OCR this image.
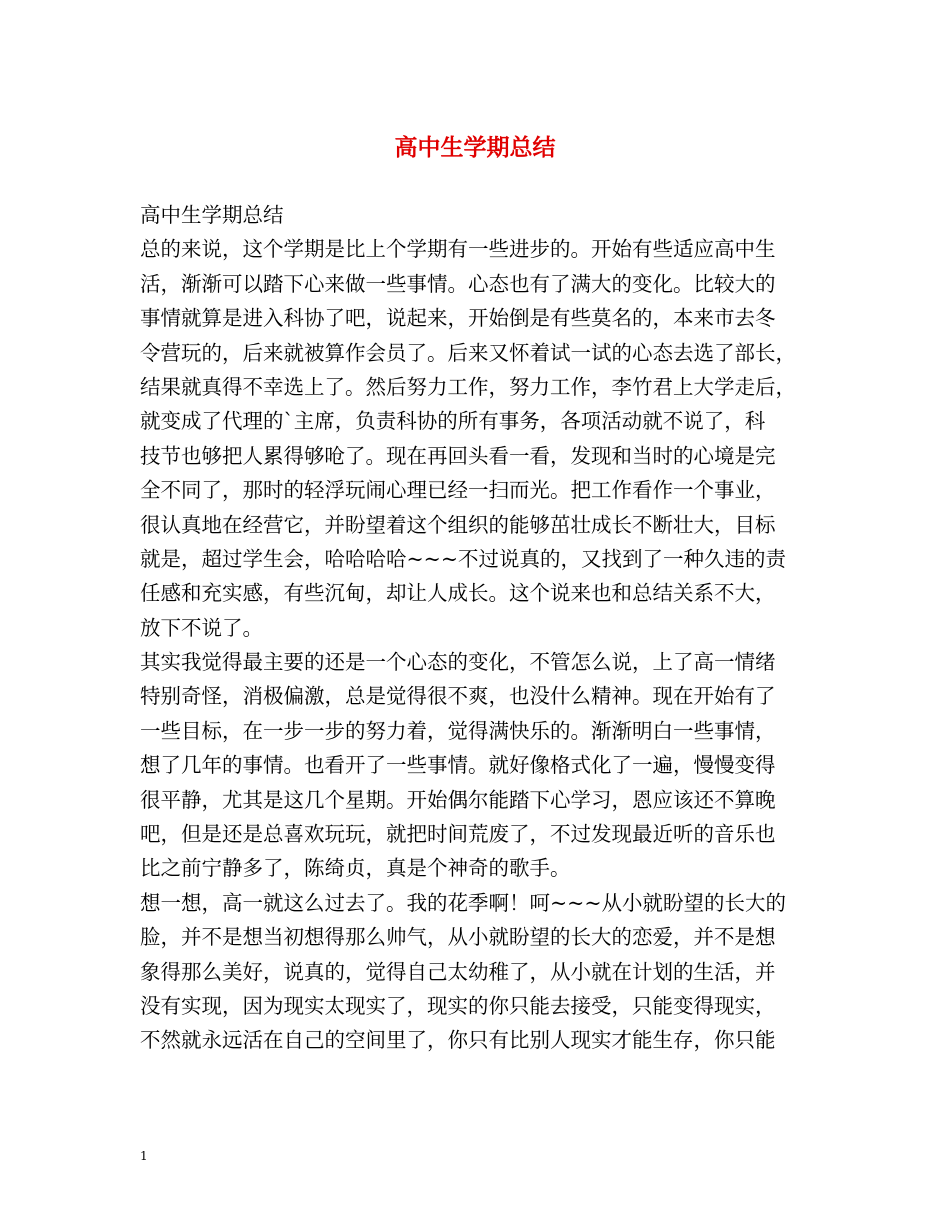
高中生学期总结
高中生学期总结
总的来说，这个学期是比上个学期有一些进步的。开始有些适应高中生
活，渐渐可以踏下心来做一些事情。心态也有了满大的变化。比较大的
事情就算是进入科协了吧，说起来，开始倒是有些莫名的，本来市去冬
令营玩的，后来就被算作会员了。后来又怀着试一试的心态去选了部长，
结果就真得不幸选上了。然后努力工作，努力工作，李竹君上大学走后，
就变成了代理的`主席，负责科协的所有事务，各项活动就不说了，科
技节也够把人累得够呛了。现在再回头看一看，发现和当时的心境是完
全不同了，那时的轻浮玩闹心理已经一扫而光。把工作看作一个事业，
很认真地在经营它，并盼望着这个组织的能够茁壮成长不断壮大，目标
就是，超过学生会，哈哈哈哈~~~不过说真的，又找到了一种久违的责
任感和充实感，有些沉甸，却让人成长。这个说来也和总结关系不大，
放下不说了。
其实我觉得最主要的还是一个心态的变化，不管怎么说，上了高一情绪
特别奇怪，消极偏激，总是觉得很不爽，也没什么精神。现在开始有了
一些目标，在一步一步的努力着，觉得满快乐的。渐渐明白一些事情，
想了几年的事情。也看开了一些事情。就好像格式化了一遍，慢慢变得
很平静，尤其是这几个星期。开始偶尔能踏下心学习，恩应该还不算晚
吧，但是还是总喜欢玩玩，就把时间荒废了，不过发现最近听的音乐也
比之前宁静多了，陈绮贞，真是个神奇的歌手。
想一想，高一就这么过去了。我的花季啊！呵~~~从小就盼望的长大的
脸，并不是想当初想得那么帅气，从小就盼望的长大的恋爱，并不是想
象得那么美好，说真的，觉得自己太幼稚了，从小就在计划的生活，并
没有实现，因为现实太现实了，现实的你只能去接受，只能变得现实，
不然就永远活在自己的空间里了，你只有比别人现实才能生存，你只能
1
